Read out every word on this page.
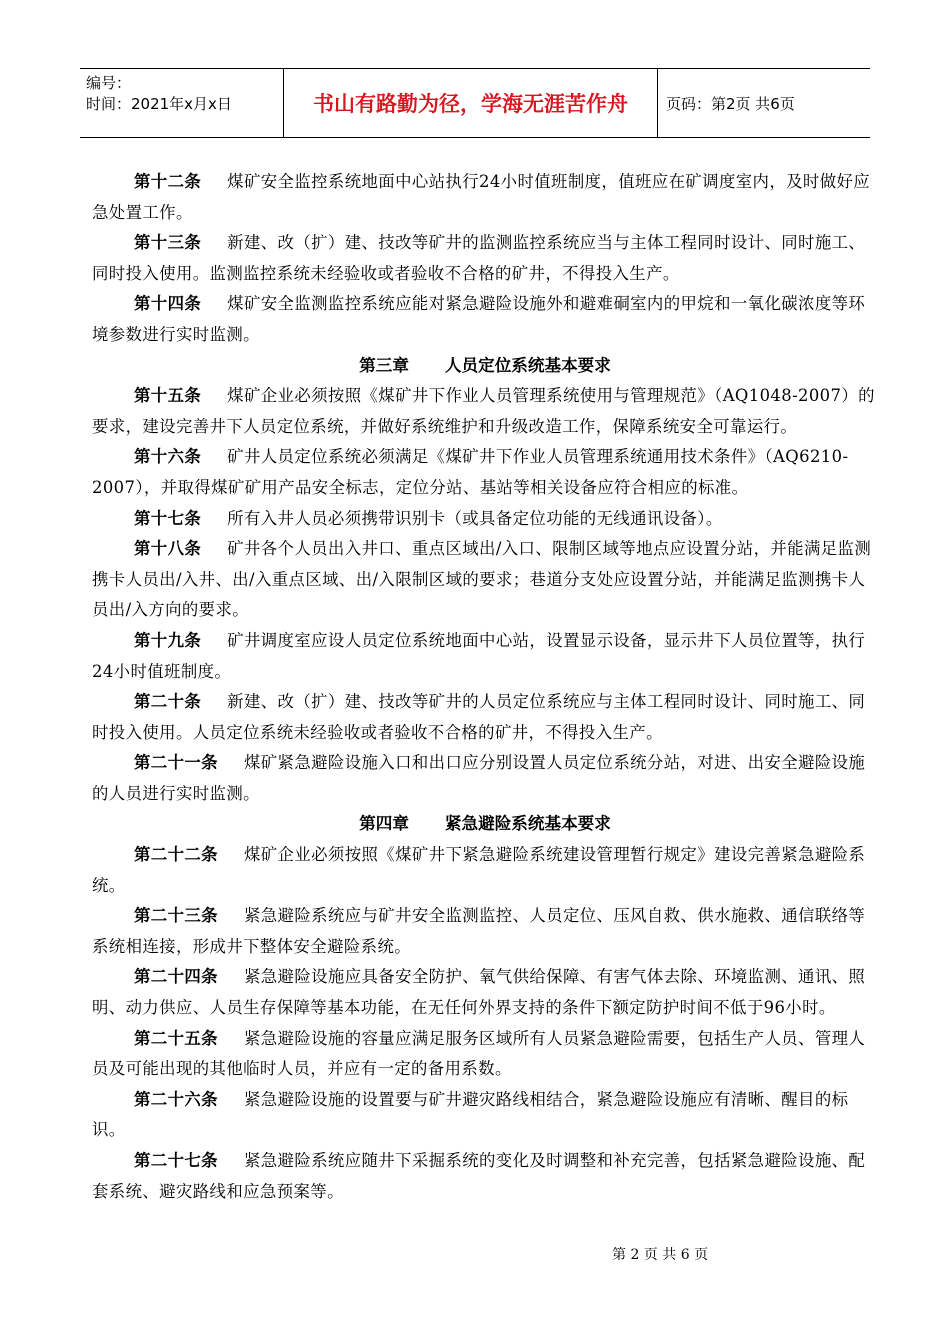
编号：
时间：2021年x月x日	书山有路勤为径，学海无涯苦作舟	页码：第2页 共6页

第十二条 煤矿安全监控系统地面中心站执行24小时值班制度，值班应在矿调度室内，及时做好应急处置工作。

第十三条 新建、改（扩）建、技改等矿井的监测监控系统应当与主体工程同时设计、同时施工、同时投入使用。监测监控系统未经验收或者验收不合格的矿井，不得投入生产。

第十四条 煤矿安全监测监控系统应能对紧急避险设施外和避难硐室内的甲烷和一氧化碳浓度等环境参数进行实时监测。

第三章 人员定位系统基本要求

第十五条 煤矿企业必须按照《煤矿井下作业人员管理系统使用与管理规范》（AQ1048-2007）的要求，建设完善井下人员定位系统，并做好系统维护和升级改造工作，保障系统安全可靠运行。

第十六条 矿井人员定位系统必须满足《煤矿井下作业人员管理系统通用技术条件》（AQ6210-2007），并取得煤矿矿用产品安全标志，定位分站、基站等相关设备应符合相应的标准。

第十七条 所有入井人员必须携带识别卡（或具备定位功能的无线通讯设备）。

第十八条 矿井各个人员出入井口、重点区域出/入口、限制区域等地点应设置分站，并能满足监测携卡人员出/入井、出/入重点区域、出/入限制区域的要求；巷道分支处应设置分站，并能满足监测携卡人员出/入方向的要求。

第十九条 矿井调度室应设人员定位系统地面中心站，设置显示设备，显示井下人员位置等，执行24小时值班制度。

第二十条 新建、改（扩）建、技改等矿井的人员定位系统应与主体工程同时设计、同时施工、同时投入使用。人员定位系统未经验收或者验收不合格的矿井，不得投入生产。

第二十一条 煤矿紧急避险设施入口和出口应分别设置人员定位系统分站，对进、出安全避险设施的人员进行实时监测。

第四章 紧急避险系统基本要求

第二十二条 煤矿企业必须按照《煤矿井下紧急避险系统建设管理暂行规定》建设完善紧急避险系统。

第二十三条 紧急避险系统应与矿井安全监测监控、人员定位、压风自救、供水施救、通信联络等系统相连接，形成井下整体安全避险系统。

第二十四条 紧急避险设施应具备安全防护、氧气供给保障、有害气体去除、环境监测、通讯、照明、动力供应、人员生存保障等基本功能，在无任何外界支持的条件下额定防护时间不低于96小时。

第二十五条 紧急避险设施的容量应满足服务区域所有人员紧急避险需要，包括生产人员、管理人员及可能出现的其他临时人员，并应有一定的备用系数。

第二十六条 紧急避险设施的设置要与矿井避灾路线相结合，紧急避险设施应有清晰、醒目的标识。

第二十七条 紧急避险系统应随井下采掘系统的变化及时调整和补充完善，包括紧急避险设施、配套系统、避灾路线和应急预案等。

第 2 页 共 6 页
